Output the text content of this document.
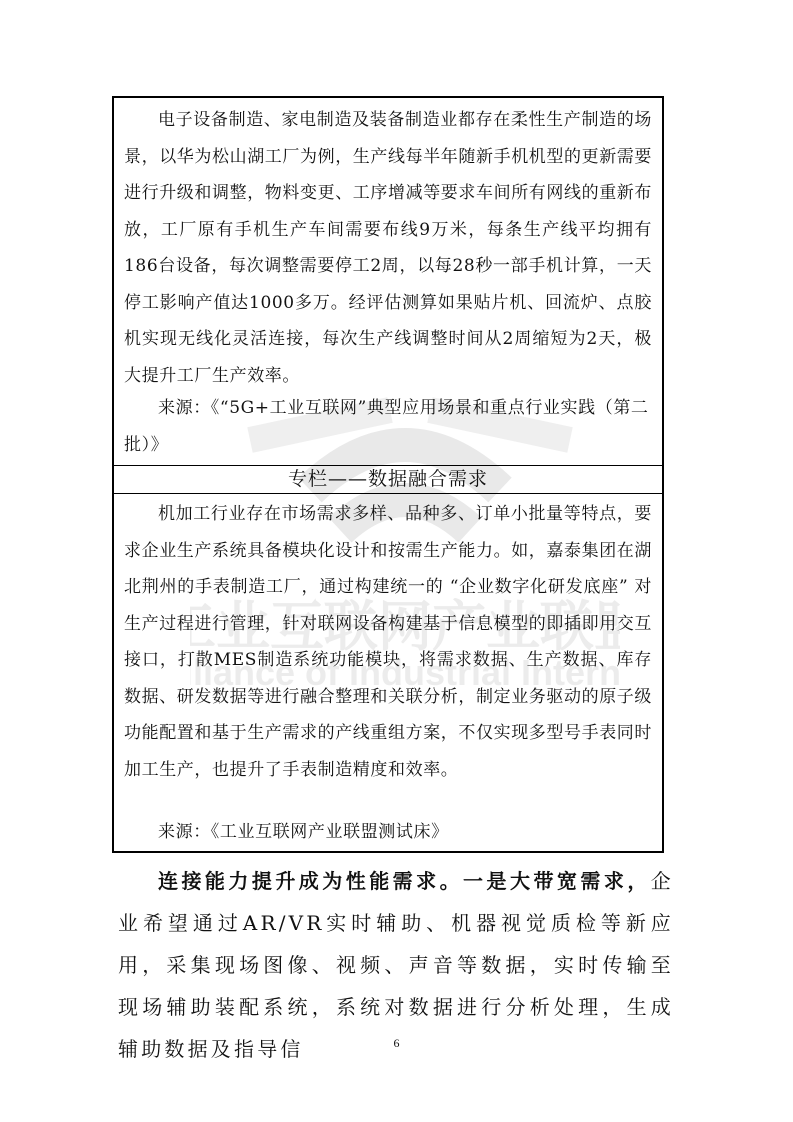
业互联网产业联
liance of Industrial Intern
电子设备制造、家电制造及装备制造业都存在柔性生产制造的场景，以华为松山湖工厂为例，生产线每半年随新手机机型的更新需要进行升级和调整，物料变更、工序增减等要求车间所有网线的重新布放，工厂原有手机生产车间需要布线9万米，每条生产线平均拥有186台设备，每次调整需要停工2周，以每28秒一部手机计算，一天停工影响产值达1000多万。经评估测算如果贴片机、回流炉、点胶机实现无线化灵活连接，每次生产线调整时间从2周缩短为2天，极大提升工厂生产效率。
来源：《“5G+工业互联网”典型应用场景和重点行业实践（第二批）》
专栏——数据融合需求
机加工行业存在市场需求多样、品种多、订单小批量等特点，要求企业生产系统具备模块化设计和按需生产能力。如，嘉泰集团在湖北荆州的手表制造工厂，通过构建统一的 “企业数字化研发底座” 对生产过程进行管理，针对联网设备构建基于信息模型的即插即用交互接口，打散MES制造系统功能模块，将需求数据、生产数据、库存数据、研发数据等进行融合整理和关联分析，制定业务驱动的原子级功能配置和基于生产需求的产线重组方案，不仅实现多型号手表同时加工生产，也提升了手表制造精度和效率。
来源：《工业互联网产业联盟测试床》

连接能力提升成为性能需求。一是大带宽需求，企业希望通过AR/VR实时辅助、机器视觉质检等新应用，采集现场图像、视频、声音等数据，实时传输至现场辅助装配系统，系统对数据进行分析处理，生成辅助数据及指导信	6
